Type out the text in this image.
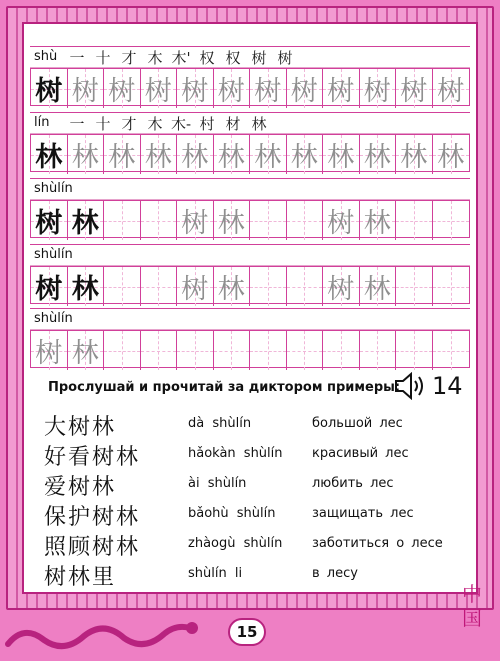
shù 一 十 才 木 木' 权 权 树 树
树 树 树 树 树 树 树 树 树 树 树 树
lín 一 十 才 木 木- 村 材 林
林 林 林 林 林 林 林 林 林 林 林 林
shùlín
树 林	树 林	树 林
shùlín
树 林	树 林	树 林
shùlín
树 林
Прослушай и прочитай за диктором примеры: 14
大树林	dà shùlín	большой лес
好看树林	hǎokàn shùlín красивый лес
爱树林	ài shùlín	любить лес
保护树林	bǎohù shùlín	защищать лес
照顾树林	zhàogù shùlín заботиться о лесе
树林里	shùlín li	в лесу
15
中国
